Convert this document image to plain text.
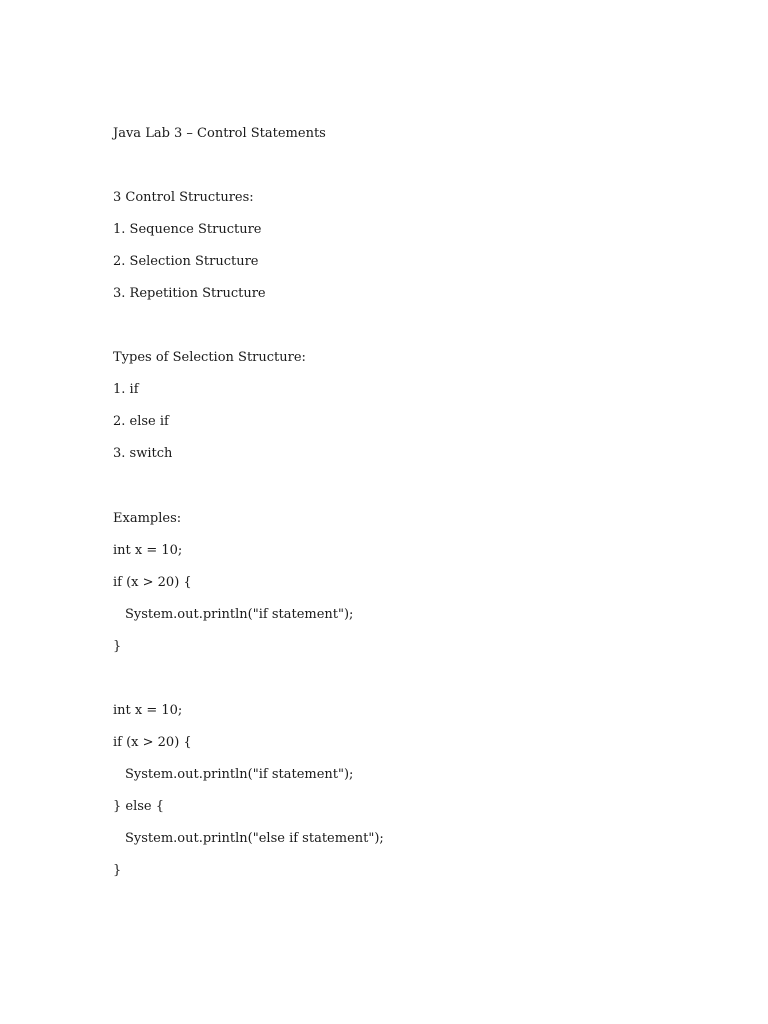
Java Lab 3 – Control Statements
3 Control Structures:
1. Sequence Structure
2. Selection Structure
3. Repetition Structure
Types of Selection Structure:
1. if
2. else if
3. switch
Examples:
int x = 10;
if (x > 20) {
System.out.println("if statement");
}
int x = 10;
if (x > 20) {
System.out.println("if statement");
} else {
System.out.println("else if statement");
}
